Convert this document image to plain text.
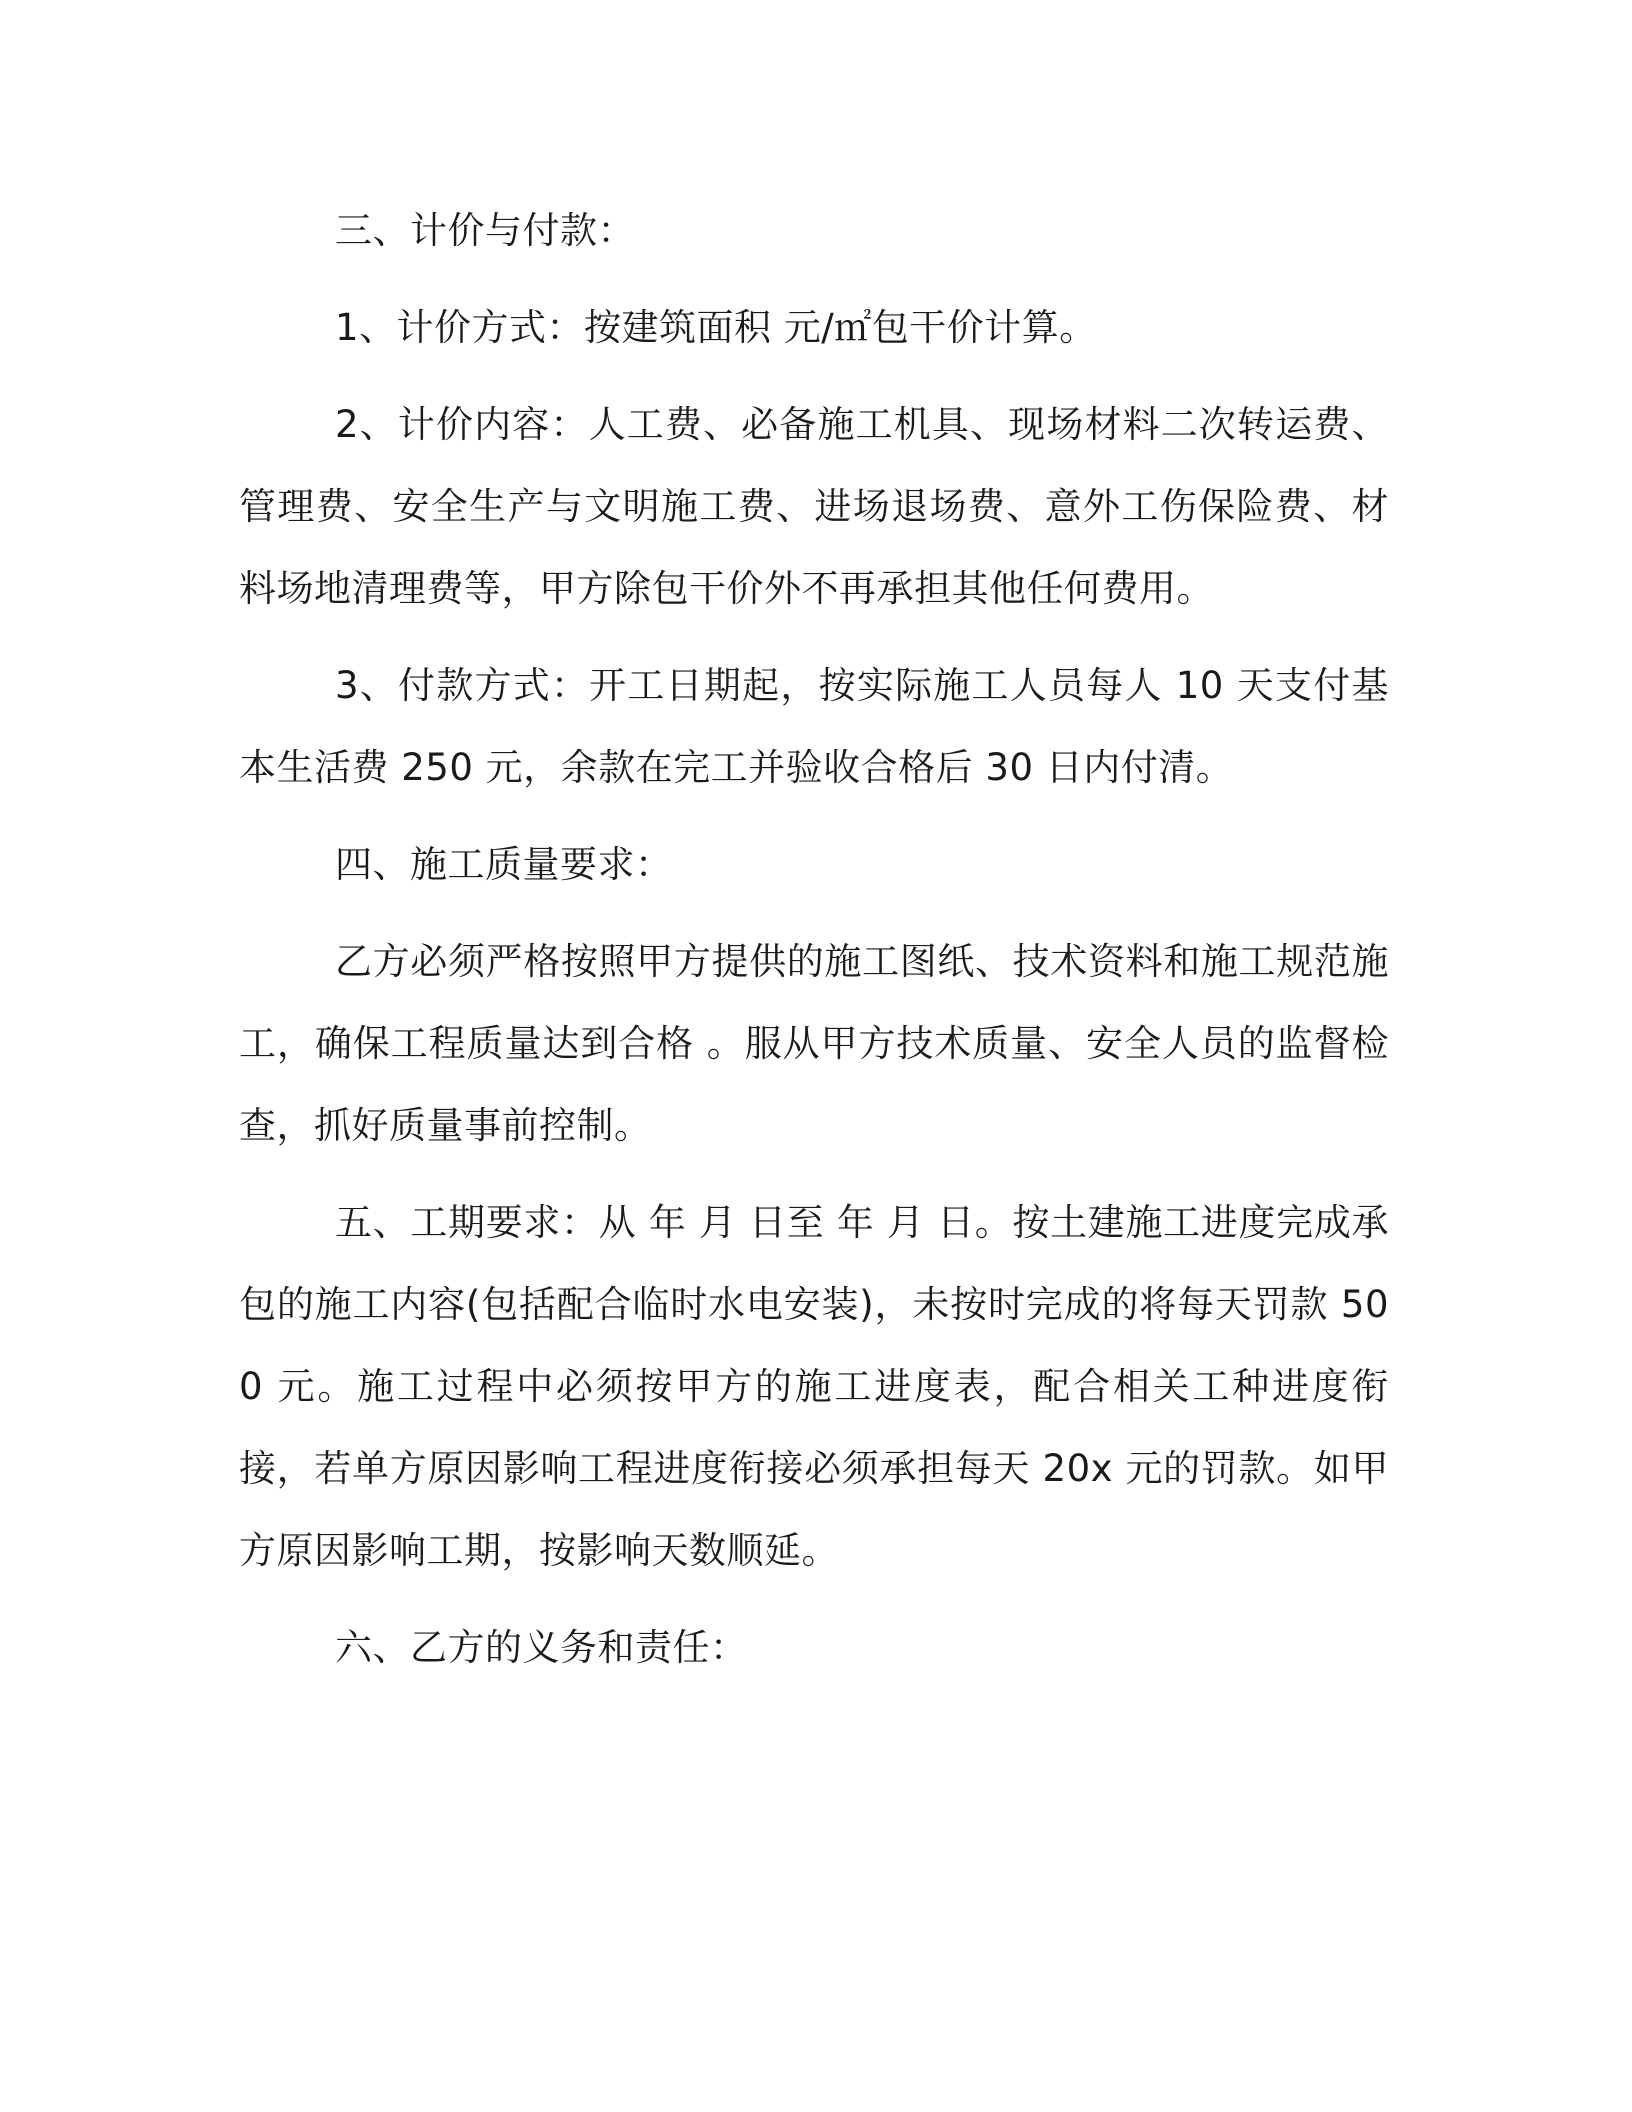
三、计价与付款：

1、计价方式：按建筑面积 元/㎡包干价计算。

2、计价内容：人工费、必备施工机具、现场材料二次转运费、管理费、安全生产与文明施工费、进场退场费、意外工伤保险费、材料场地清理费等，甲方除包干价外不再承担其他任何费用。

3、付款方式：开工日期起，按实际施工人员每人 10 天支付基本生活费 250 元，余款在完工并验收合格后 30 日内付清。

四、施工质量要求：

乙方必须严格按照甲方提供的施工图纸、技术资料和施工规范施工，确保工程质量达到合格 。服从甲方技术质量、安全人员的监督检查，抓好质量事前控制。

五、工期要求：从 年 月 日至 年 月 日。按土建施工进度完成承包的施工内容(包括配合临时水电安装)，未按时完成的将每天罚款 500 元。施工过程中必须按甲方的施工进度表，配合相关工种进度衔接，若单方原因影响工程进度衔接必须承担每天 20x 元的罚款。如甲方原因影响工期，按影响天数顺延。

六、乙方的义务和责任：
